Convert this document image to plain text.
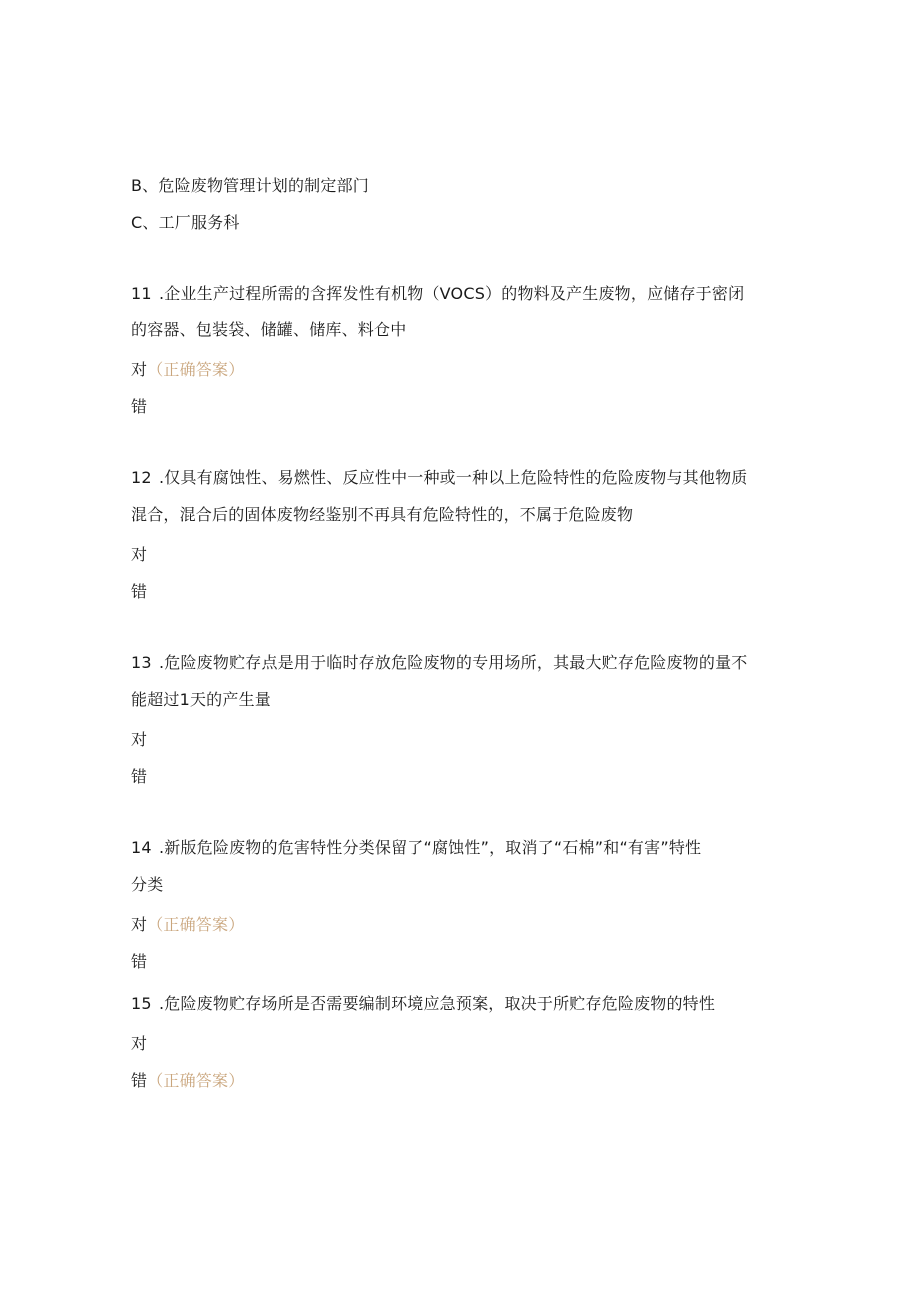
B、危险废物管理计划的制定部门
C、工厂服务科
11 .企业生产过程所需的含挥发性有机物（VOCS）的物料及产生废物，应储存于密闭
的容器、包装袋、储罐、储库、料仓中
对（正确答案）
错
12 .仅具有腐蚀性、易燃性、反应性中一种或一种以上危险特性的危险废物与其他物质
混合，混合后的固体废物经鉴别不再具有危险特性的，不属于危险废物
对
错
13 .危险废物贮存点是用于临时存放危险废物的专用场所，其最大贮存危险废物的量不
能超过1天的产生量
对
错
14 .新版危险废物的危害特性分类保留了“腐蚀性”，取消了“石棉”和“有害”特性
分类
对（正确答案）
错
15 .危险废物贮存场所是否需要编制环境应急预案，取决于所贮存危险废物的特性
对
错（正确答案）
